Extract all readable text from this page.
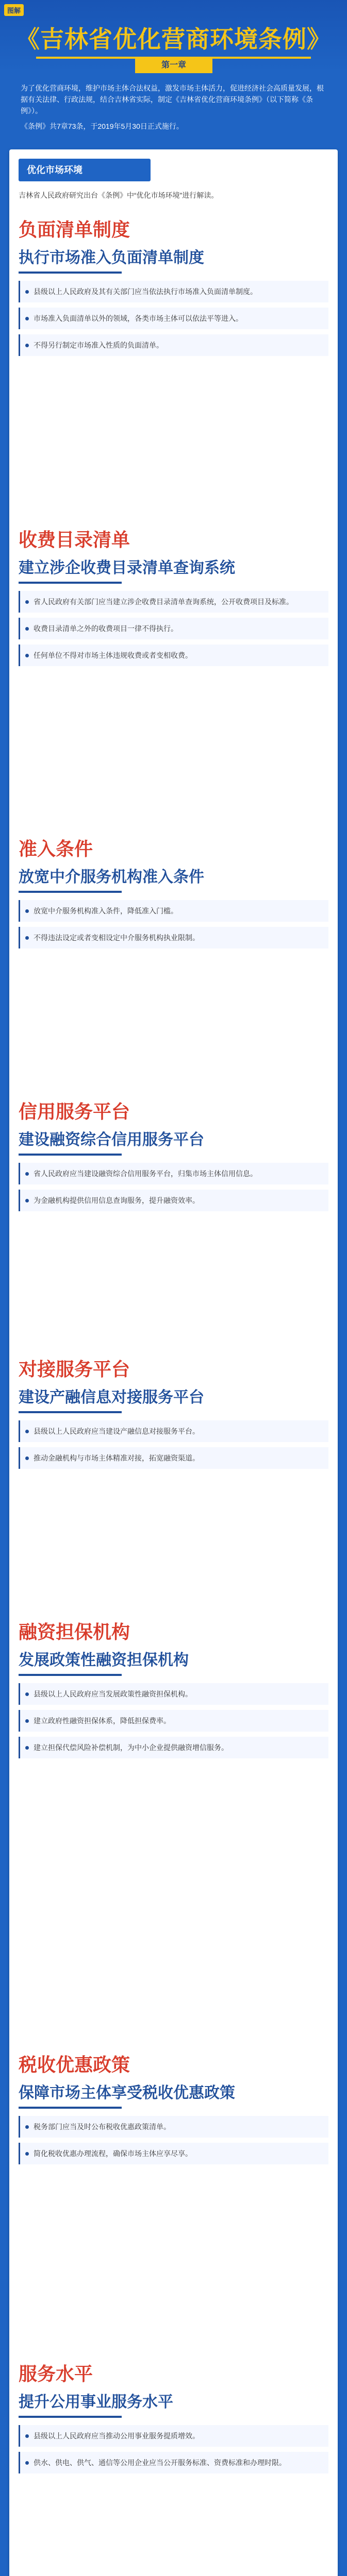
图解
《吉林省优化营商环境条例》
第一章

为了优化营商环境，维护市场主体合法权益，激发市场主体活力，促进经济社会高质量发展，根据有关法律、行政法规，结合吉林省实际，制定《吉林省优化营商环境条例》（以下简称《条例》）。

《条例》共7章73条，于2019年5月30日正式施行。

优化市场环境
吉林省人民政府研究出台《条例》中“优化市场环境”进行解读。
负面清单制度
执行市场准入负面清单制度
县级以上人民政府及其有关部门应当依法执行市场准入负面清单制度。
市场准入负面清单以外的领域，各类市场主体可以依法平等进入。
不得另行制定市场准入性质的负面清单。
收费目录清单
建立涉企收费目录清单查询系统
省人民政府有关部门应当建立涉企收费目录清单查询系统，公开收费项目及标准。
收费目录清单之外的收费项目一律不得执行。
任何单位不得对市场主体违规收费或者变相收费。
准入条件
放宽中介服务机构准入条件
放宽中介服务机构准入条件，降低准入门槛。
不得违法设定或者变相设定中介服务机构执业限制。
信用服务平台
建设融资综合信用服务平台
省人民政府应当建设融资综合信用服务平台，归集市场主体信用信息。
为金融机构提供信用信息查询服务，提升融资效率。
对接服务平台
建设产融信息对接服务平台
县级以上人民政府应当建设产融信息对接服务平台。
推动金融机构与市场主体精准对接，拓宽融资渠道。
融资担保机构
发展政策性融资担保机构
县级以上人民政府应当发展政策性融资担保机构。
建立政府性融资担保体系，降低担保费率。
建立担保代偿风险补偿机制，为中小企业提供融资增信服务。
税收优惠政策
保障市场主体享受税收优惠政策
税务部门应当及时公布税收优惠政策清单。
简化税收优惠办理流程，确保市场主体应享尽享。
服务水平
提升公用事业服务水平
县级以上人民政府应当推动公用事业服务提质增效。
供水、供电、供气、通信等公用企业应当公开服务标准、资费标准和办理时限。
